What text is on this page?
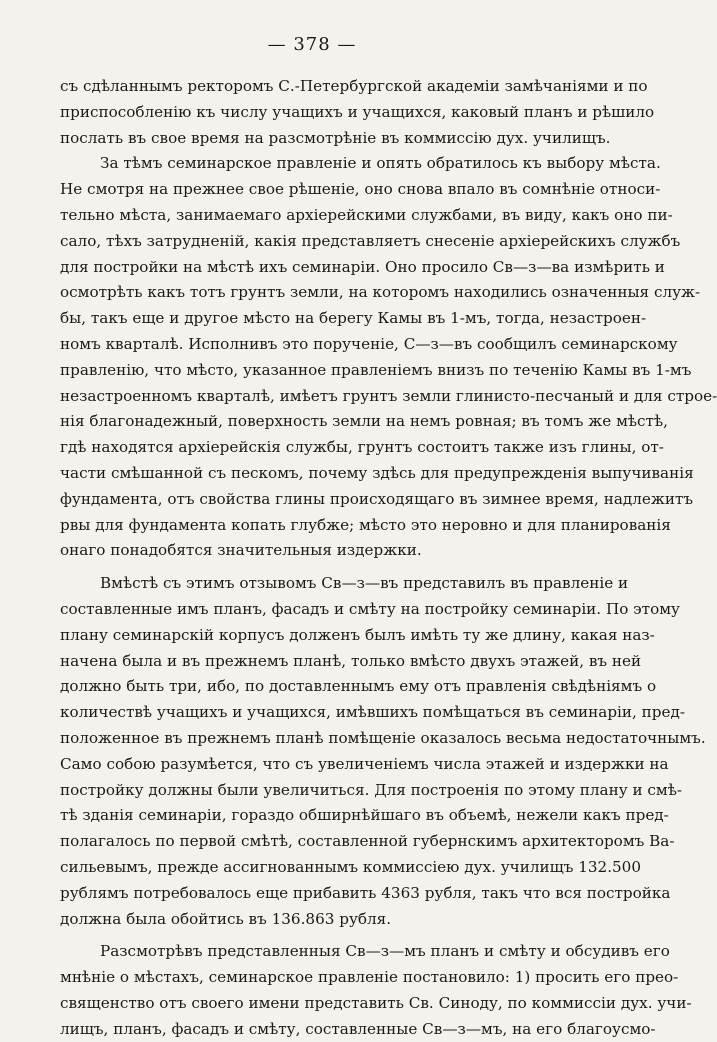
— 378 —
съ сдѣланнымъ ректоромъ С.-Петербургской академіи замѣчаніями и по
приспособленію къ числу учащихъ и учащихся, каковый планъ и рѣшило
послать въ свое время на разсмотрѣніе въ коммиссію дух. училищъ.
За тѣмъ семинарское правленіе и опять обратилось къ выбору мѣста.
Не смотря на прежнее свое рѣшеніе, оно снова впало въ сомнѣніе относи-
тельно мѣста, занимаемаго архіерейскими службами, въ виду, какъ оно пи-
сало, тѣхъ затрудненій, какія представляетъ снесеніе архіерейскихъ службъ
для постройки на мѣстѣ ихъ семинаріи. Оно просило Св—з—ва измѣрить и
осмотрѣть какъ тотъ грунтъ земли, на которомъ находились означенныя служ-
бы, такъ еще и другое мѣсто на берегу Камы въ 1-мъ, тогда, незастроен-
номъ кварталѣ. Исполнивъ это порученіе, С—з—въ сообщилъ семинарскому
правленію, что мѣсто, указанное правленіемъ внизъ по теченію Камы въ 1-мъ
незастроенномъ кварталѣ, имѣетъ грунтъ земли глинисто-песчаный и для строе-
нія благонадежный, поверхность земли на немъ ровная; въ томъ же мѣстѣ,
гдѣ находятся архіерейскія службы, грунтъ состоитъ также изъ глины, от-
части смѣшанной съ пескомъ, почему здѣсь для предупрежденія выпучиванія
фундамента, отъ свойства глины происходящаго въ зимнее время, надлежитъ
рвы для фундамента копать глубже; мѣсто это неровно и для планированія
онаго понадобятся значительныя издержки.
Вмѣстѣ съ этимъ отзывомъ Св—з—въ представилъ въ правленіе и
составленные имъ планъ, фасадъ и смѣту на постройку семинаріи. По этому
плану семинарскій корпусъ долженъ былъ имѣть ту же длину, какая наз-
начена была и въ прежнемъ планѣ, только вмѣсто двухъ этажей, въ ней
должно быть три, ибо, по доставленнымъ ему отъ правленія свѣдѣніямъ о
количествѣ учащихъ и учащихся, имѣвшихъ помѣщаться въ семинаріи, пред-
положенное въ прежнемъ планѣ помѣщеніе оказалось весьма недостаточнымъ.
Само собою разумѣется, что съ увеличеніемъ числа этажей и издержки на
постройку должны были увеличиться. Для построенія по этому плану и смѣ-
тѣ зданія семинаріи, гораздо обширнѣйшаго въ объемѣ, нежели какъ пред-
полагалось по первой смѣтѣ, составленной губернскимъ архитекторомъ Ва-
сильевымъ, прежде ассигнованнымъ коммиссіею дух. училищъ 132.500
рублямъ потребовалось еще прибавить 4363 рубля, такъ что вся постройка
должна была обойтись въ 136.863 рубля.
Разсмотрѣвъ представленныя Св—з—мъ планъ и смѣту и обсудивъ его
мнѣніе о мѣстахъ, семинарское правленіе постановило: 1) просить его прео-
священство отъ своего имени представить Св. Синоду, по коммиссіи дух. учи-
лищъ, планъ, фасадъ и смѣту, составленные Св—з—мъ, на его благоусмо-
